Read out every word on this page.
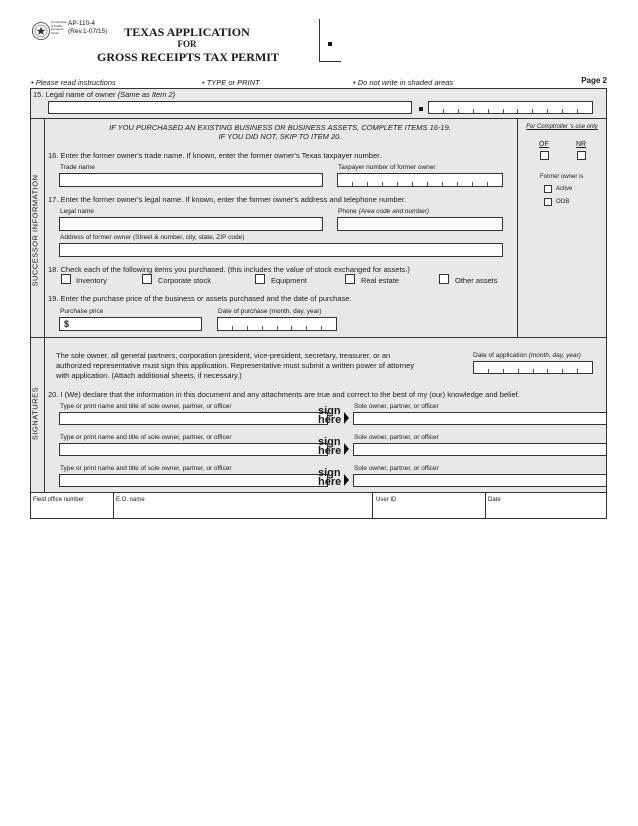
Comptroller of Public Accounts Texas
AP-110-4
(Rev.1-07/15)	TEXAS APPLICATION
FOR
GROSS RECEIPTS TAX PERMIT
• Please read instructions	• TYPE or PRINT	• Do not write in shaded areas	Page 2
15. Legal name of owner (Same as Item 2)
SUCCESSOR INFORMATION
IF YOU PURCHASED AN EXISTING BUSINESS OR BUSINESS ASSETS, COMPLETE ITEMS 16-19.
IF YOU DID NOT, SKIP TO ITEM 20.
For Comptroller 's use only
OF	NR
Former owner is
Active
OOB
16. Enter the former owner's trade name. If known, enter the former owner's Texas taxpayer number.
Trade name	Taxpayer number of former owner
17. Enter the former owner's legal name. If known, enter the former owner's address and telephone number.
Legal name	Phone (Area code and number)
Address of former owner (Street & number, city, state, ZIP code)
18. Check each of the following items you purchased. (this includes the value of stock exchanged for assets.)
Inventory	Corporate stock	Equipment	Real estate	Other assets
19. Enter the purchase price of the business or assets purchased and the date of purchase.
Purchase price
$
Date of purchase (month, day, year)
SIGNATURES
The sole owner, all general partners, corporation president, vice-president, secretary, treasurer, or an
authorized representative must sign this application. Representative must submit a written power of attorney
with application. (Attach additional sheets, if necessary.)
Date of application (month, day, year)
20. I (We) declare that the information in this document and any attachments are true and correct to the best of my (our) knowledge and belief.
Type or print name and title of sole owner, partner, or officer	sign
here
Sole owner, partner, or officer
Type or print name and title of sole owner, partner, or officer	sign
here
Sole owner, partner, or officer
Type or print name and title of sole owner, partner, or officer	sign
here
Sole owner, partner, or officer
Field office number	E.O. name	User ID	Date
